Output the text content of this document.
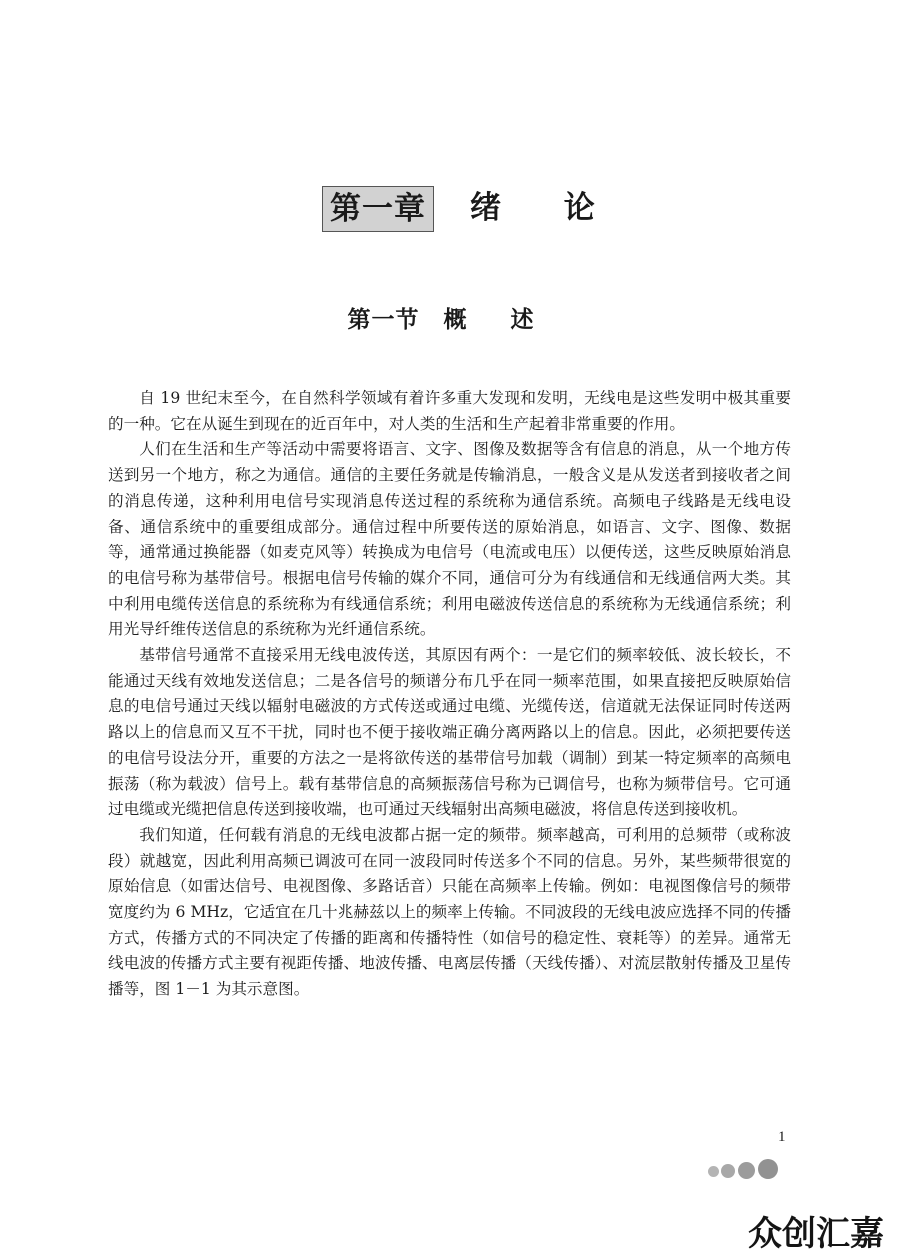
第一章 绪 论
第一节 概 述

自 19 世纪末至今，在自然科学领域有着许多重大发现和发明，无线电是这些发明中极其重要的一种。它在从诞生到现在的近百年中，对人类的生活和生产起着非常重要的作用。

人们在生活和生产等活动中需要将语言、文字、图像及数据等含有信息的消息，从一个地方传送到另一个地方，称之为通信。通信的主要任务就是传输消息，一般含义是从发送者到接收者之间的消息传递，这种利用电信号实现消息传送过程的系统称为通信系统。高频电子线路是无线电设备、通信系统中的重要组成部分。通信过程中所要传送的原始消息，如语言、文字、图像、数据等，通常通过换能器（如麦克风等）转换成为电信号（电流或电压）以便传送，这些反映原始消息的电信号称为基带信号。根据电信号传输的媒介不同，通信可分为有线通信和无线通信两大类。其中利用电缆传送信息的系统称为有线通信系统；利用电磁波传送信息的系统称为无线通信系统；利用光导纤维传送信息的系统称为光纤通信系统。

基带信号通常不直接采用无线电波传送，其原因有两个：一是它们的频率较低、波长较长，不能通过天线有效地发送信息；二是各信号的频谱分布几乎在同一频率范围，如果直接把反映原始信息的电信号通过天线以辐射电磁波的方式传送或通过电缆、光缆传送，信道就无法保证同时传送两路以上的信息而又互不干扰，同时也不便于接收端正确分离两路以上的信息。因此，必须把要传送的电信号设法分开，重要的方法之一是将欲传送的基带信号加载（调制）到某一特定频率的高频电振荡（称为载波）信号上。载有基带信息的高频振荡信号称为已调信号，也称为频带信号。它可通过电缆或光缆把信息传送到接收端，也可通过天线辐射出高频电磁波，将信息传送到接收机。

我们知道，任何载有消息的无线电波都占据一定的频带。频率越高，可利用的总频带（或称波段）就越宽，因此利用高频已调波可在同一波段同时传送多个不同的信息。另外，某些频带很宽的原始信息（如雷达信号、电视图像、多路话音）只能在高频率上传输。例如：电视图像信号的频带宽度约为 6 MHz，它适宜在几十兆赫兹以上的频率上传输。不同波段的无线电波应选择不同的传播方式，传播方式的不同决定了传播的距离和传播特性（如信号的稳定性、衰耗等）的差异。通常无线电波的传播方式主要有视距传播、地波传播、电离层传播（天线传播）、对流层散射传播及卫星传播等，图 1－1 为其示意图。

1
众创汇嘉
